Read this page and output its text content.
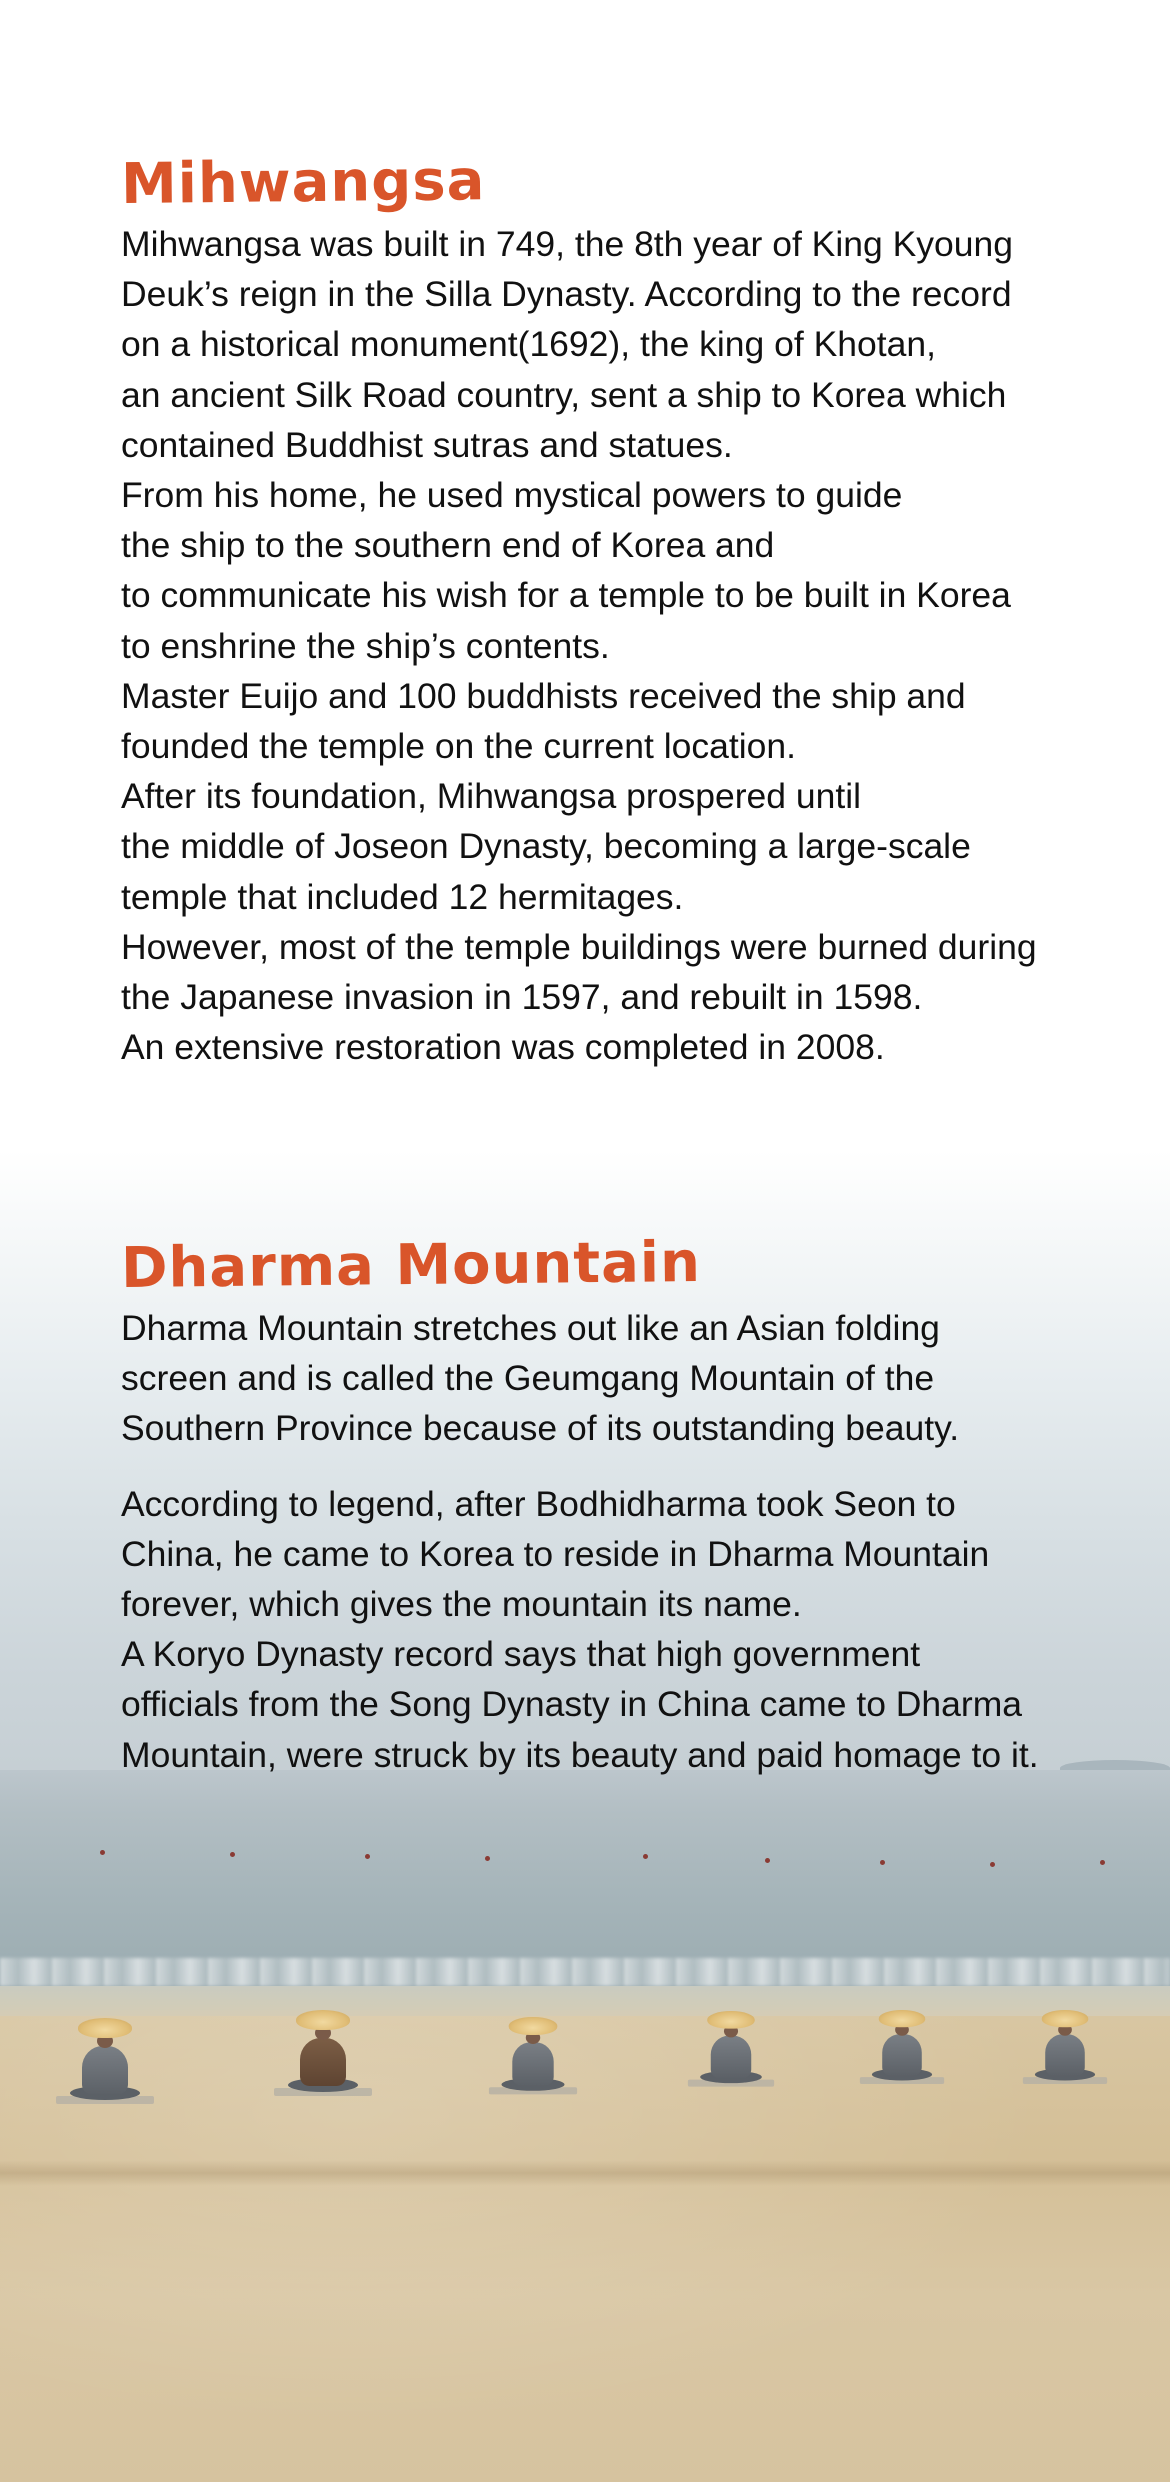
Mihwangsa
Mihwangsa was built in 749, the 8th year of King Kyoung
Deuk’s reign in the Silla Dynasty. According to the record
on a historical monument(1692), the king of Khotan,
an ancient Silk Road country, sent a ship to Korea which
contained Buddhist sutras and statues.
From his home, he used mystical powers to guide
the ship to the southern end of Korea and
to communicate his wish for a temple to be built in Korea
to enshrine the ship’s contents.
Master Euijo and 100 buddhists received the ship and
founded the temple on the current location.
After its foundation, Mihwangsa prospered until
the middle of Joseon Dynasty, becoming a large-scale
temple that included 12 hermitages.
However, most of the temple buildings were burned during
the Japanese invasion in 1597, and rebuilt in 1598.
An extensive restoration was completed in 2008.
Dharma Mountain
Dharma Mountain stretches out like an Asian folding
screen and is called the Geumgang Mountain of the
Southern Province because of its outstanding beauty.
According to legend, after Bodhidharma took Seon to
China, he came to Korea to reside in Dharma Mountain
forever, which gives the mountain its name.
A Koryo Dynasty record says that high government
officials from the Song Dynasty in China came to Dharma
Mountain, were struck by its beauty and paid homage to it.
